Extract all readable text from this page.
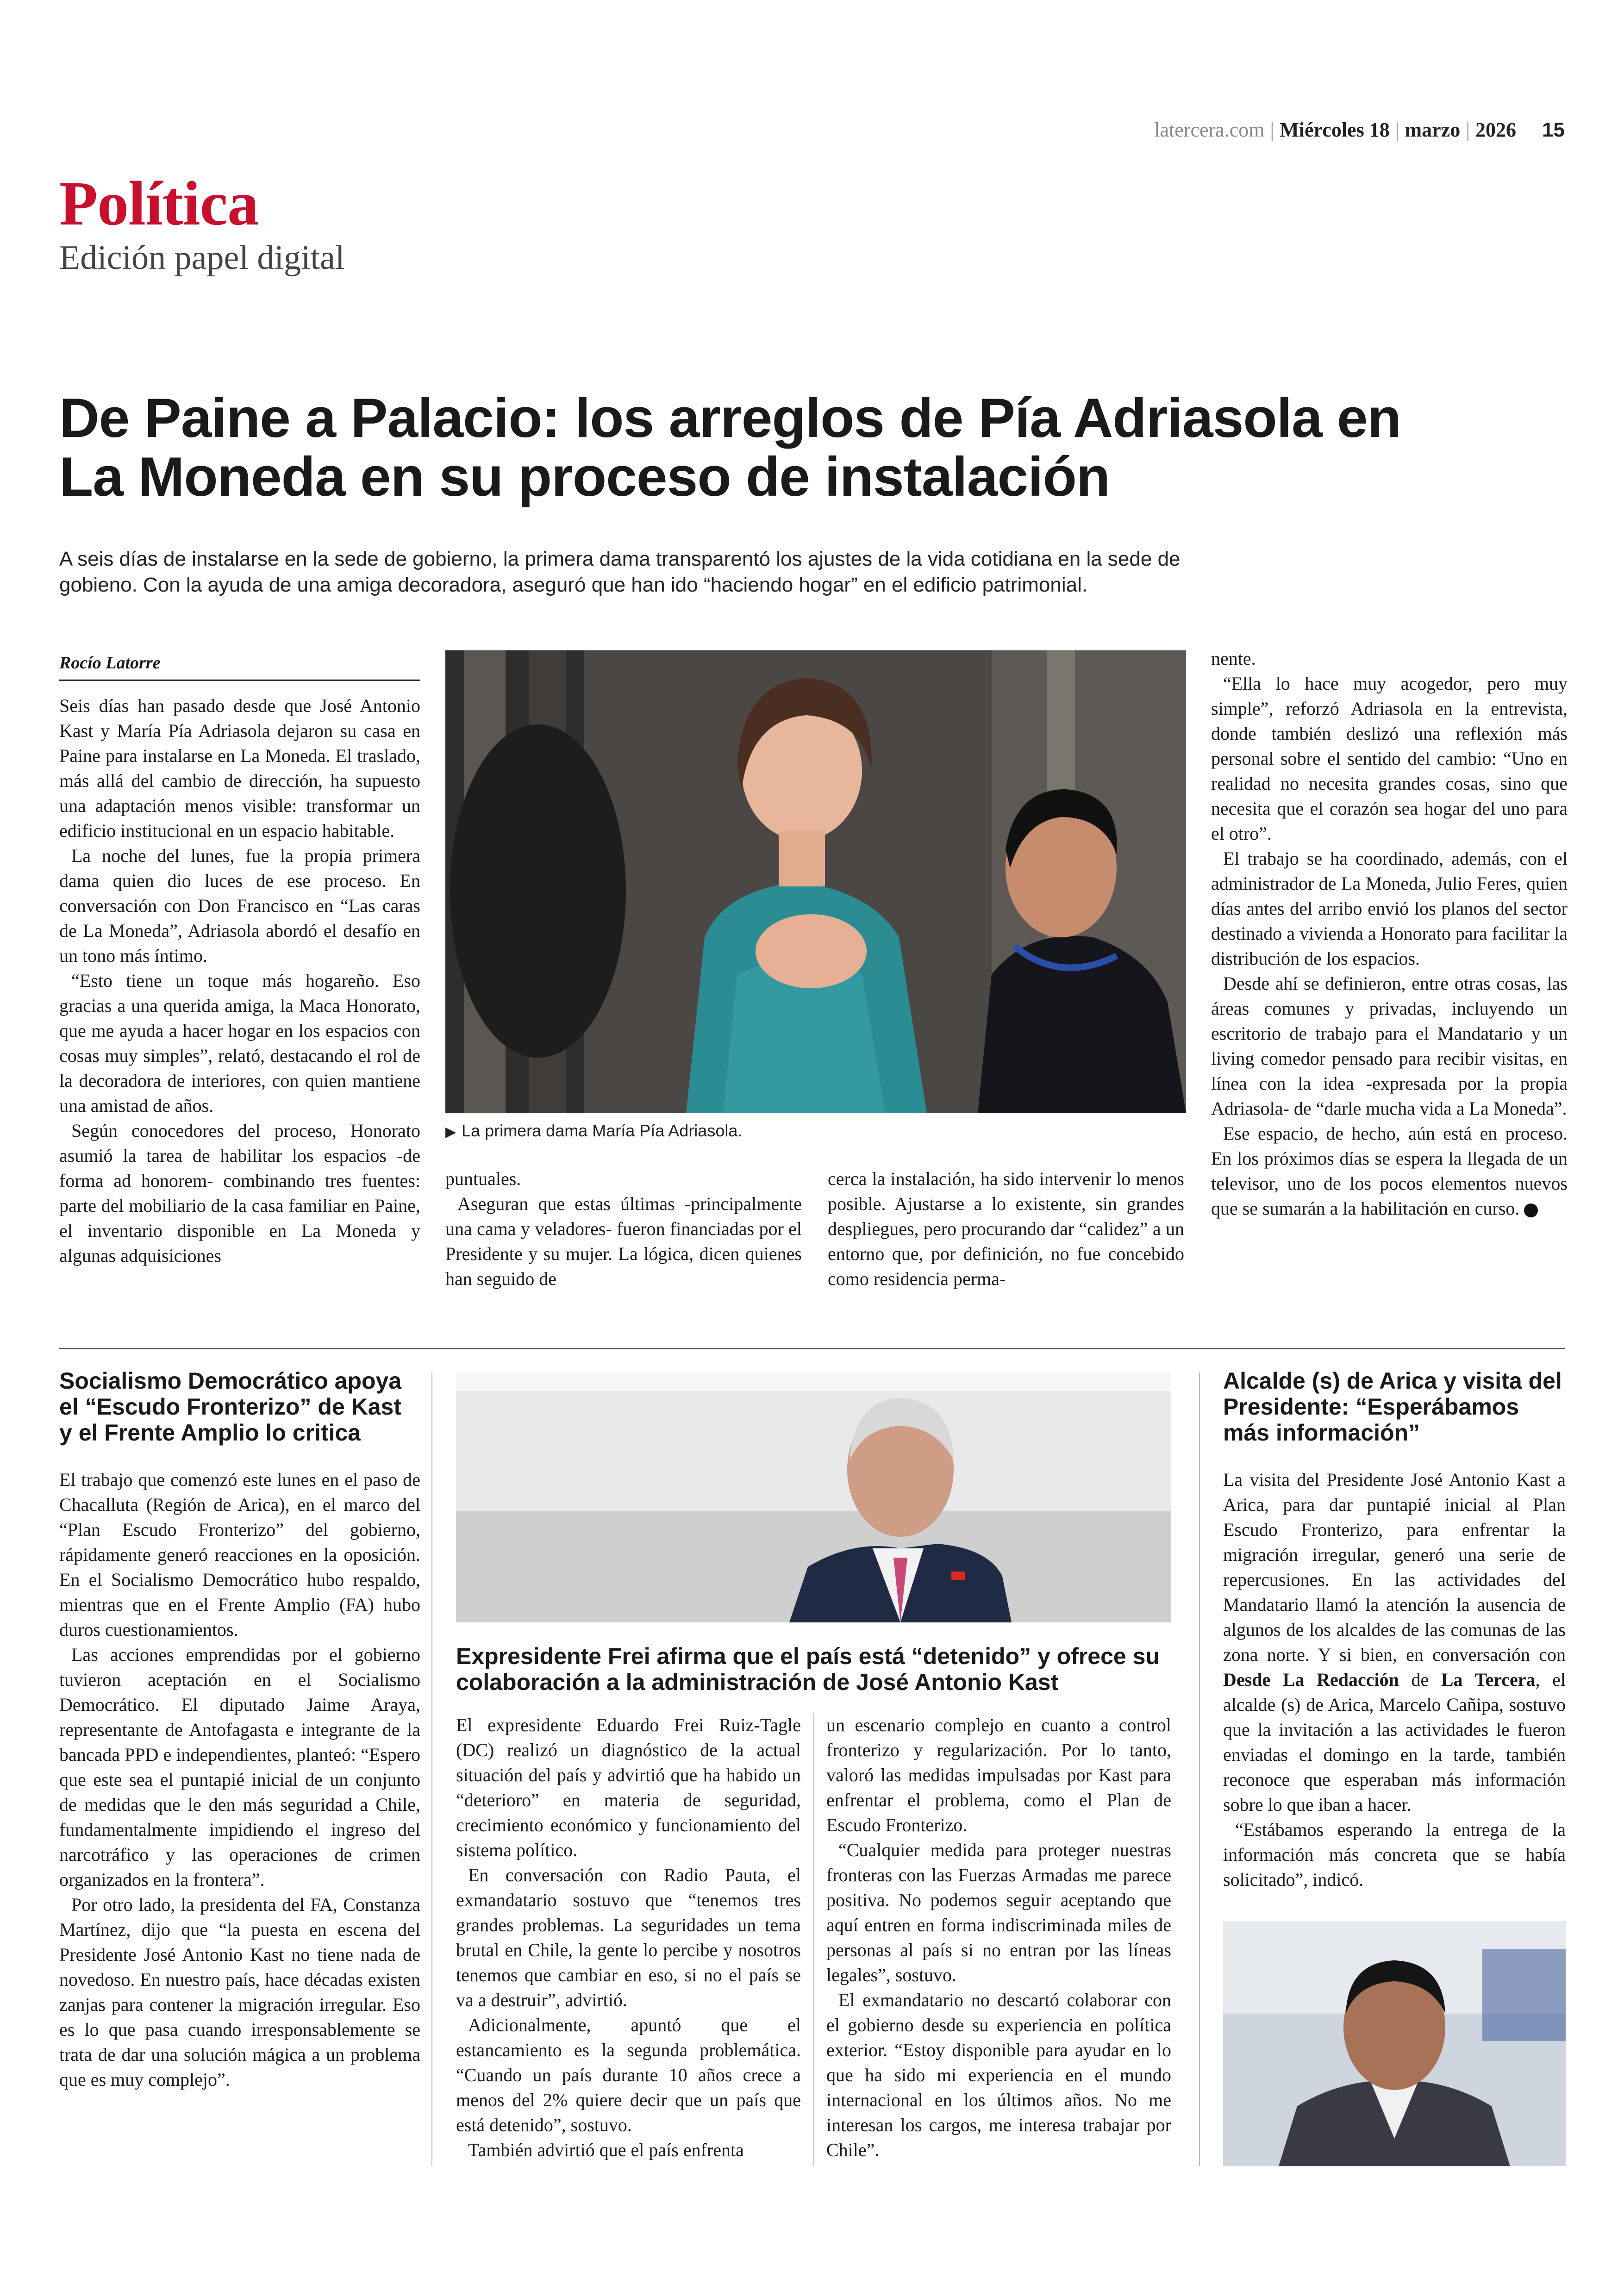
latercera.com | Miércoles 18 | marzo | 2026 15
Política
Edición papel digital
De Paine a Palacio: los arreglos de Pía Adriasola en La Moneda en su proceso de instalación
A seis días de instalarse en la sede de gobierno, la primera dama transparentó los ajustes de la vida cotidiana en la sede de gobieno. Con la ayuda de una amiga decoradora, aseguró que han ido “haciendo hogar” en el edificio patrimonial.
Rocío Latorre

Seis días han pasado desde que José Antonio Kast y María Pía Adriasola dejaron su casa en Paine para instalarse en La Moneda. El traslado, más allá del cambio de dirección, ha supuesto una adaptación menos visible: transformar un edificio institucional en un espacio habitable.

La noche del lunes, fue la propia primera dama quien dio luces de ese proceso. En conversación con Don Francisco en “Las caras de La Moneda”, Adriasola abordó el desafío en un tono más íntimo.

“Esto tiene un toque más hogareño. Eso gracias a una querida amiga, la Maca Honorato, que me ayuda a hacer hogar en los espacios con cosas muy simples”, relató, destacando el rol de la decoradora de interiores, con quien mantiene una amistad de años.

Según conocedores del proceso, Honorato asumió la tarea de habilitar los espacios -de forma ad honorem- combinando tres fuentes: parte del mobiliario de la casa familiar en Paine, el inventario disponible en La Moneda y algunas adquisiciones

▶ La primera dama María Pía Adriasola.

puntuales.

Aseguran que estas últimas -principalmente una cama y veladores- fueron financiadas por el Presidente y su mujer. La lógica, dicen quienes han seguido de

cerca la instalación, ha sido intervenir lo menos posible. Ajustarse a lo existente, sin grandes despliegues, pero procurando dar “calidez” a un entorno que, por definición, no fue concebido como residencia perma-

nente.

“Ella lo hace muy acogedor, pero muy simple”, reforzó Adriasola en la entrevista, donde también deslizó una reflexión más personal sobre el sentido del cambio: “Uno en realidad no necesita grandes cosas, sino que necesita que el corazón sea hogar del uno para el otro”.

El trabajo se ha coordinado, además, con el administrador de La Moneda, Julio Feres, quien días antes del arribo envió los planos del sector destinado a vivienda a Honorato para facilitar la distribución de los espacios.

Desde ahí se definieron, entre otras cosas, las áreas comunes y privadas, incluyendo un escritorio de trabajo para el Mandatario y un living comedor pensado para recibir visitas, en línea con la idea -expresada por la propia Adriasola- de “darle mucha vida a La Moneda”.

Ese espacio, de hecho, aún está en proceso. En los próximos días se espera la llegada de un televisor, uno de los pocos elementos nuevos que se sumarán a la habilitación en curso.

Socialismo Democrático apoya el “Escudo Fronterizo” de Kast y el Frente Amplio lo critica

El trabajo que comenzó este lunes en el paso de Chacalluta (Región de Arica), en el marco del “Plan Escudo Fronterizo” del gobierno, rápidamente generó reacciones en la oposición. En el Socialismo Democrático hubo respaldo, mientras que en el Frente Amplio (FA) hubo duros cuestionamientos.

Las acciones emprendidas por el gobierno tuvieron aceptación en el Socialismo Democrático. El diputado Jaime Araya, representante de Antofagasta e integrante de la bancada PPD e independientes, planteó: “Espero que este sea el puntapié inicial de un conjunto de medidas que le den más seguridad a Chile, fundamentalmente impidiendo el ingreso del narcotráfico y las operaciones de crimen organizados en la frontera”.

Por otro lado, la presidenta del FA, Constanza Martínez, dijo que “la puesta en escena del Presidente José Antonio Kast no tiene nada de novedoso. En nuestro país, hace décadas existen zanjas para contener la migración irregular. Eso es lo que pasa cuando irresponsablemente se trata de dar una solución mágica a un problema que es muy complejo”.

Expresidente Frei afirma que el país está “detenido” y ofrece su colaboración a la administración de José Antonio Kast

El expresidente Eduardo Frei Ruiz-Tagle (DC) realizó un diagnóstico de la actual situación del país y advirtió que ha habido un “deterioro” en materia de seguridad, crecimiento económico y funcionamiento del sistema político.

En conversación con Radio Pauta, el exmandatario sostuvo que “tenemos tres grandes problemas. La seguridades un tema brutal en Chile, la gente lo percibe y nosotros tenemos que cambiar en eso, si no el país se va a destruir”, advirtió.

Adicionalmente, apuntó que el estancamiento es la segunda problemática. “Cuando un país durante 10 años crece a menos del 2% quiere decir que un país que está detenido”, sostuvo.

También advirtió que el país enfrenta

un escenario complejo en cuanto a control fronterizo y regularización. Por lo tanto, valoró las medidas impulsadas por Kast para enfrentar el problema, como el Plan de Escudo Fronterizo.

“Cualquier medida para proteger nuestras fronteras con las Fuerzas Armadas me parece positiva. No podemos seguir aceptando que aquí entren en forma indiscriminada miles de personas al país si no entran por las líneas legales”, sostuvo.

El exmandatario no descartó colaborar con el gobierno desde su experiencia en política exterior. “Estoy disponible para ayudar en lo que ha sido mi experiencia en el mundo internacional en los últimos años. No me interesan los cargos, me interesa trabajar por Chile”.

Alcalde (s) de Arica y visita del Presidente: “Esperábamos más información”

La visita del Presidente José Antonio Kast a Arica, para dar puntapié inicial al Plan Escudo Fronterizo, para enfrentar la migración irregular, generó una serie de repercusiones. En las actividades del Mandatario llamó la atención la ausencia de algunos de los alcaldes de las comunas de las zona norte. Y si bien, en conversación con Desde La Redacción de La Tercera, el alcalde (s) de Arica, Marcelo Cañipa, sostuvo que la invitación a las actividades le fueron enviadas el domingo en la tarde, también reconoce que esperaban más información sobre lo que iban a hacer.

“Estábamos esperando la entrega de la información más concreta que se había solicitado”, indicó.
